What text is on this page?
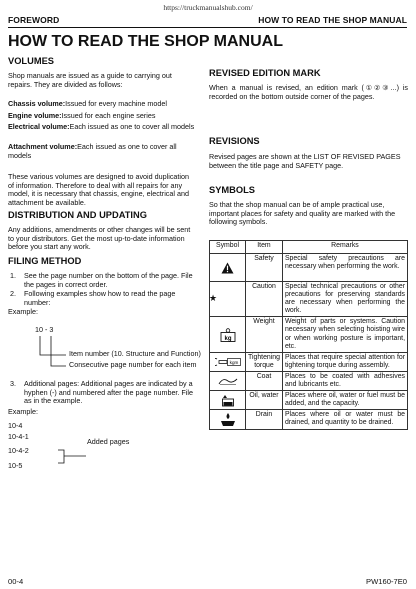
https://truckmanualshub.com/
FOREWORD	HOW TO READ THE SHOP MANUAL
HOW TO READ THE SHOP MANUAL
VOLUMES
Shop manuals are issued as a guide to carrying out repairs. They are divided as follows:
Chassis volume:Issued for every machine model
Engine volume:Issued for each engine series
Electrical volume:Each issued as one to cover all models
Attachment volume:Each issued as one to cover all models
These various volumes are designed to avoid duplication of information. Therefore to deal with all repairs for any model, it is necessary that chassis, engine, electrical and attachment be available.
DISTRIBUTION AND UPDATING
Any additions, amendments or other changes will be sent to your distributors. Get the most up-to-date information before you start any work.
FILING METHOD
1. See the page number on the bottom of the page. File the pages in correct order.
2. Following examples show how to read the page number:
Example:
10 - 3
Item number (10. Structure and Function)
Consecutive page number for each item
3. Additional pages: Additional pages are indicated by a hyphen (-) and numbered after the page number. File as in the example.
Example:
10-4
10-4-1
10-4-2
10-5
Added pages
REVISED EDITION MARK
When a manual is revised, an edition mark (①②③...) is recorded on the bottom outside corner of the pages.
REVISIONS
Revised pages are shown at the LIST OF REVISED PAGES between the title page and SAFETY page.
SYMBOLS
So that the shop manual can be of ample practical use, important places for safety and quality are marked with the following symbols.
Symbol	Item	Remarks

	Safety	Special safety precautions are necessary when performing the work.
★	Caution	Special technical precautions or other precautions for preserving standards are necessary when performing the work.

kg	Weight	Weight of parts or systems. Caution necessary when selecting hoisting wire or when working posture is important, etc.

kgm	Tightening torque	Places that require special attention for tightening torque during assembly.

	Coat	Places to be coated with adhesives and lubricants etc.

	Oil, water	Places where oil, water or fuel must be added, and the capacity.

	Drain	Places where oil or water must be drained, and quantity to be drained.
00-4	PW160-7E0
